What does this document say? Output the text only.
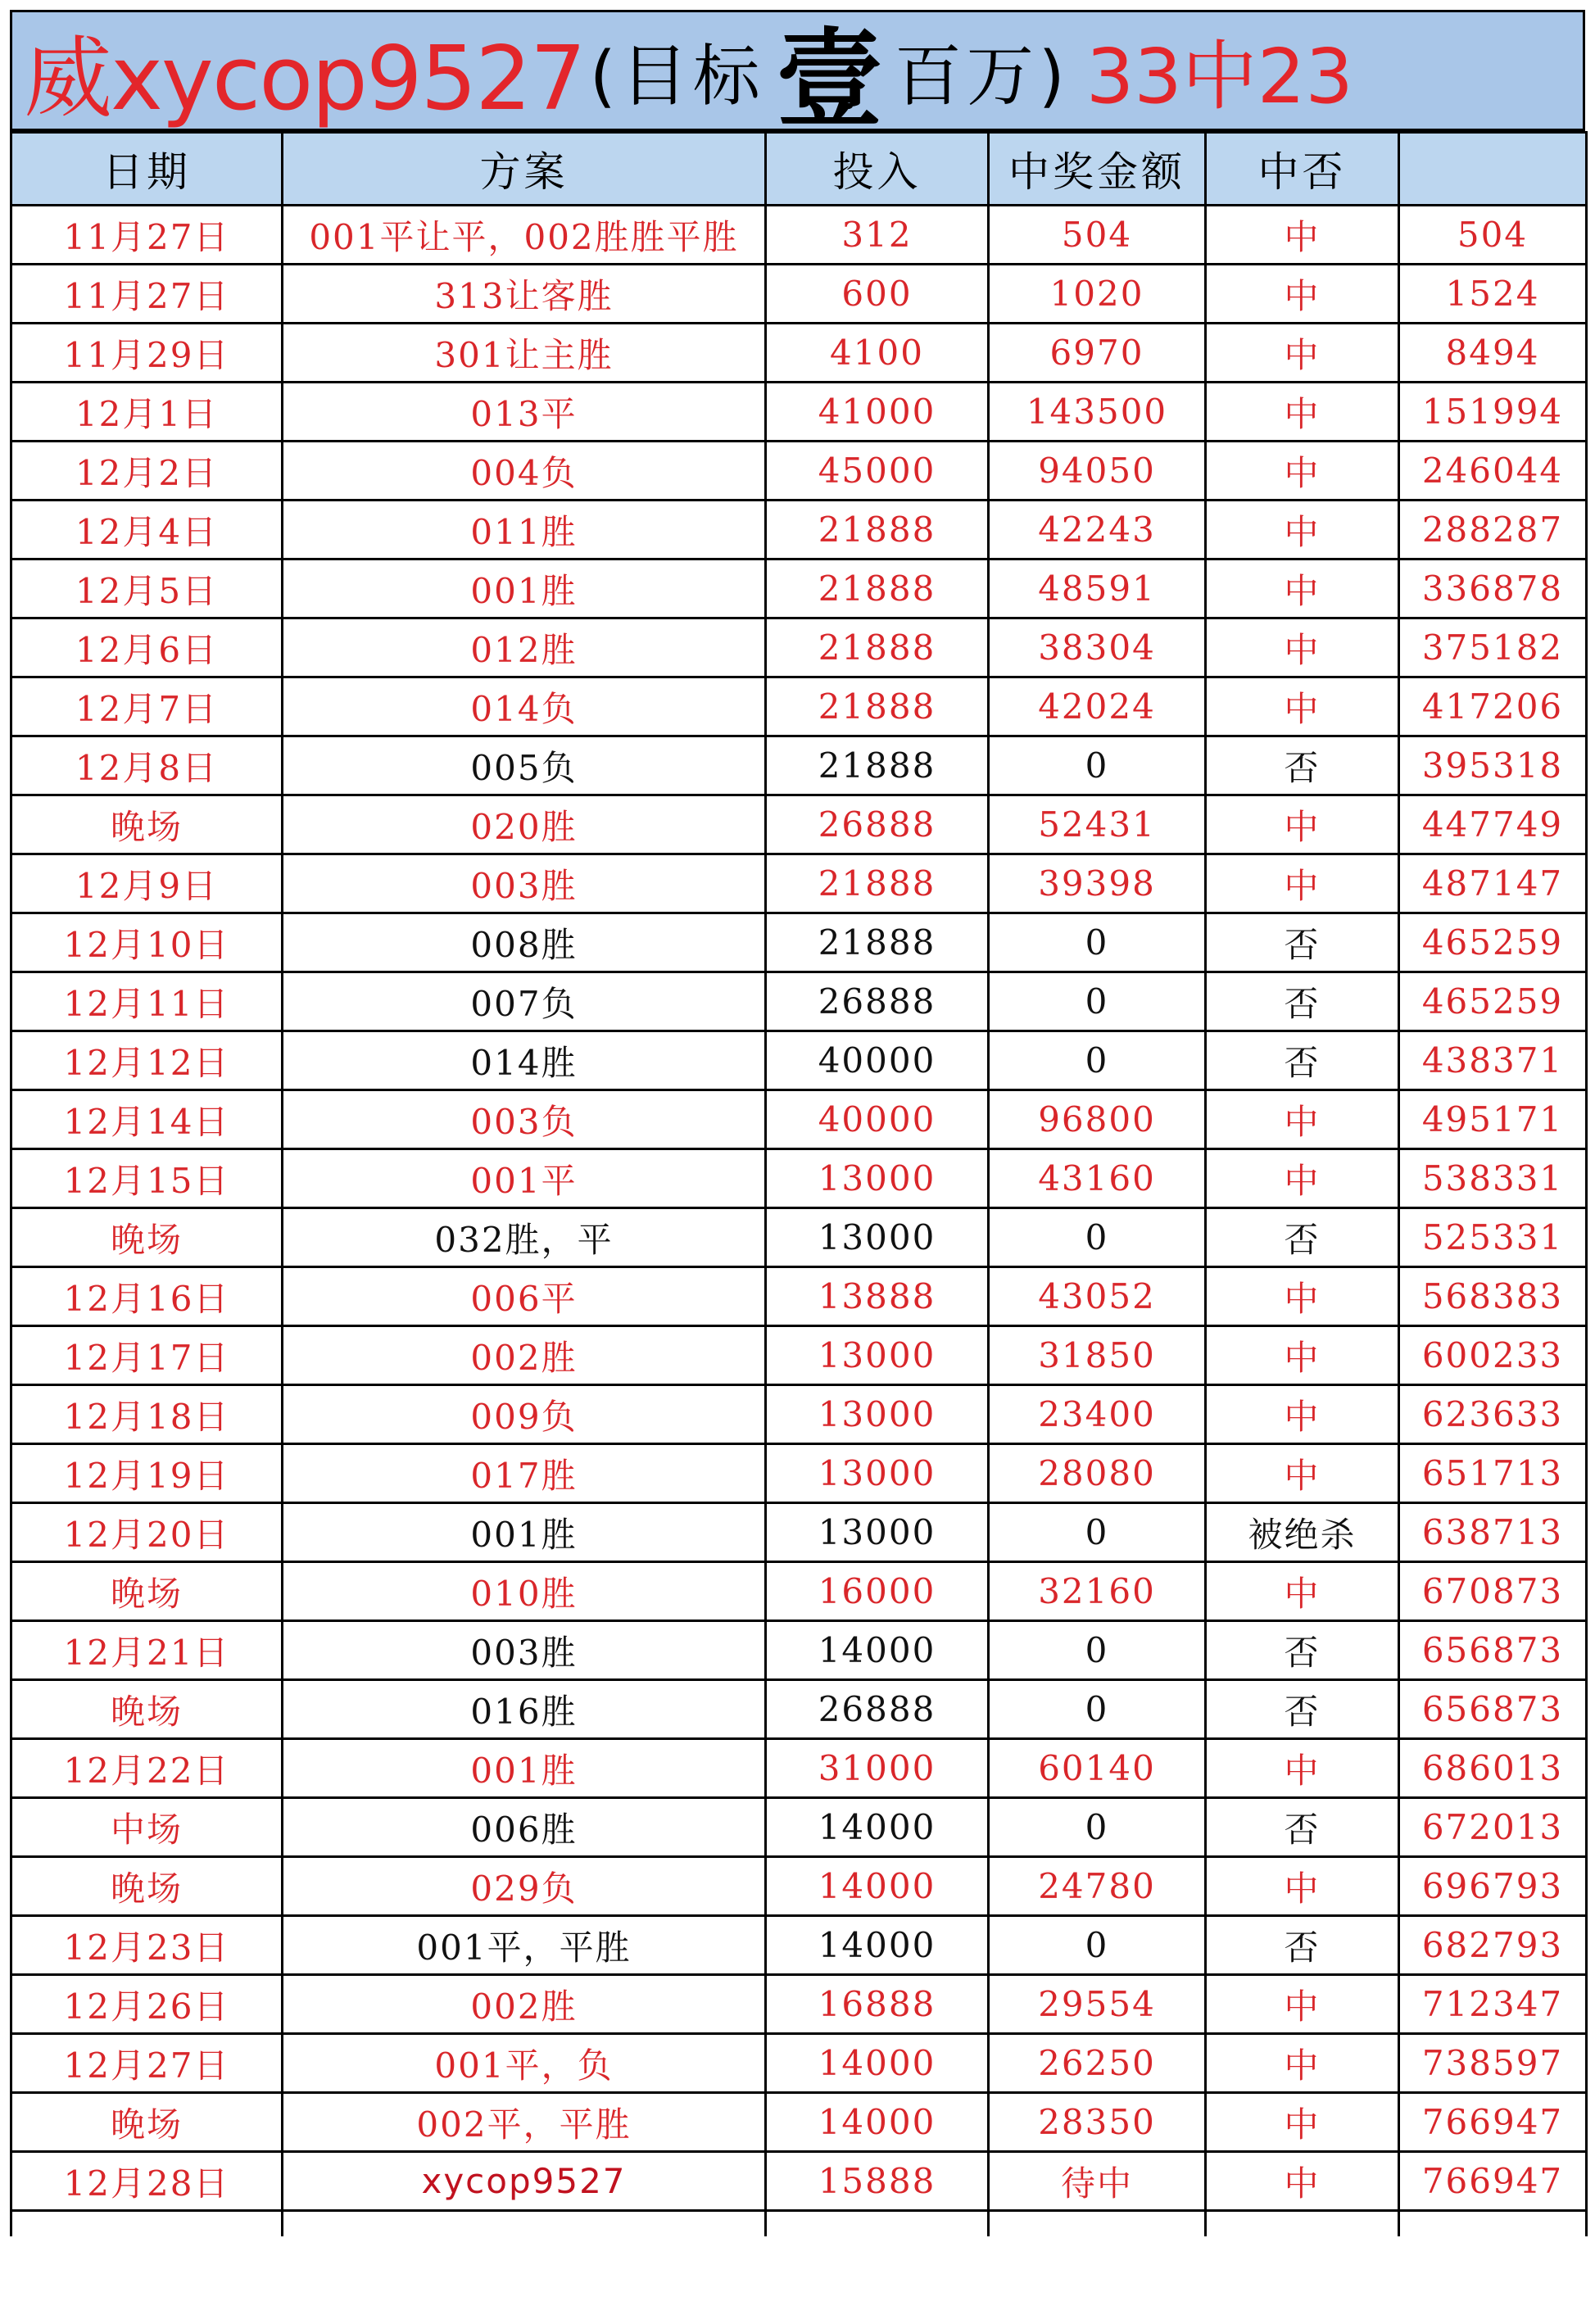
威xycop9527 (目标 壹 百万) 33中23
日期	方案	投入	中奖金额	中否	
11月27日	001平让平，002胜胜平胜	312	504	中	504
11月27日	313让客胜	600	1020	中	1524
11月29日	301让主胜	4100	6970	中	8494
12月1日	013平	41000	143500	中	151994
12月2日	004负	45000	94050	中	246044
12月4日	011胜	21888	42243	中	288287
12月5日	001胜	21888	48591	中	336878
12月6日	012胜	21888	38304	中	375182
12月7日	014负	21888	42024	中	417206
12月8日	005负	21888	0	否	395318
晚场	020胜	26888	52431	中	447749
12月9日	003胜	21888	39398	中	487147
12月10日	008胜	21888	0	否	465259
12月11日	007负	26888	0	否	465259
12月12日	014胜	40000	0	否	438371
12月14日	003负	40000	96800	中	495171
12月15日	001平	13000	43160	中	538331
晚场	032胜，平	13000	0	否	525331
12月16日	006平	13888	43052	中	568383
12月17日	002胜	13000	31850	中	600233
12月18日	009负	13000	23400	中	623633
12月19日	017胜	13000	28080	中	651713
12月20日	001胜	13000	0	被绝杀	638713
晚场	010胜	16000	32160	中	670873
12月21日	003胜	14000	0	否	656873
晚场	016胜	26888	0	否	656873
12月22日	001胜	31000	60140	中	686013
中场	006胜	14000	0	否	672013
晚场	029负	14000	24780	中	696793
12月23日	001平，平胜	14000	0	否	682793
12月26日	002胜	16888	29554	中	712347
12月27日	001平，负	14000	26250	中	738597
晚场	002平，平胜	14000	28350	中	766947
12月28日	xycop9527	15888	待中	中	766947
